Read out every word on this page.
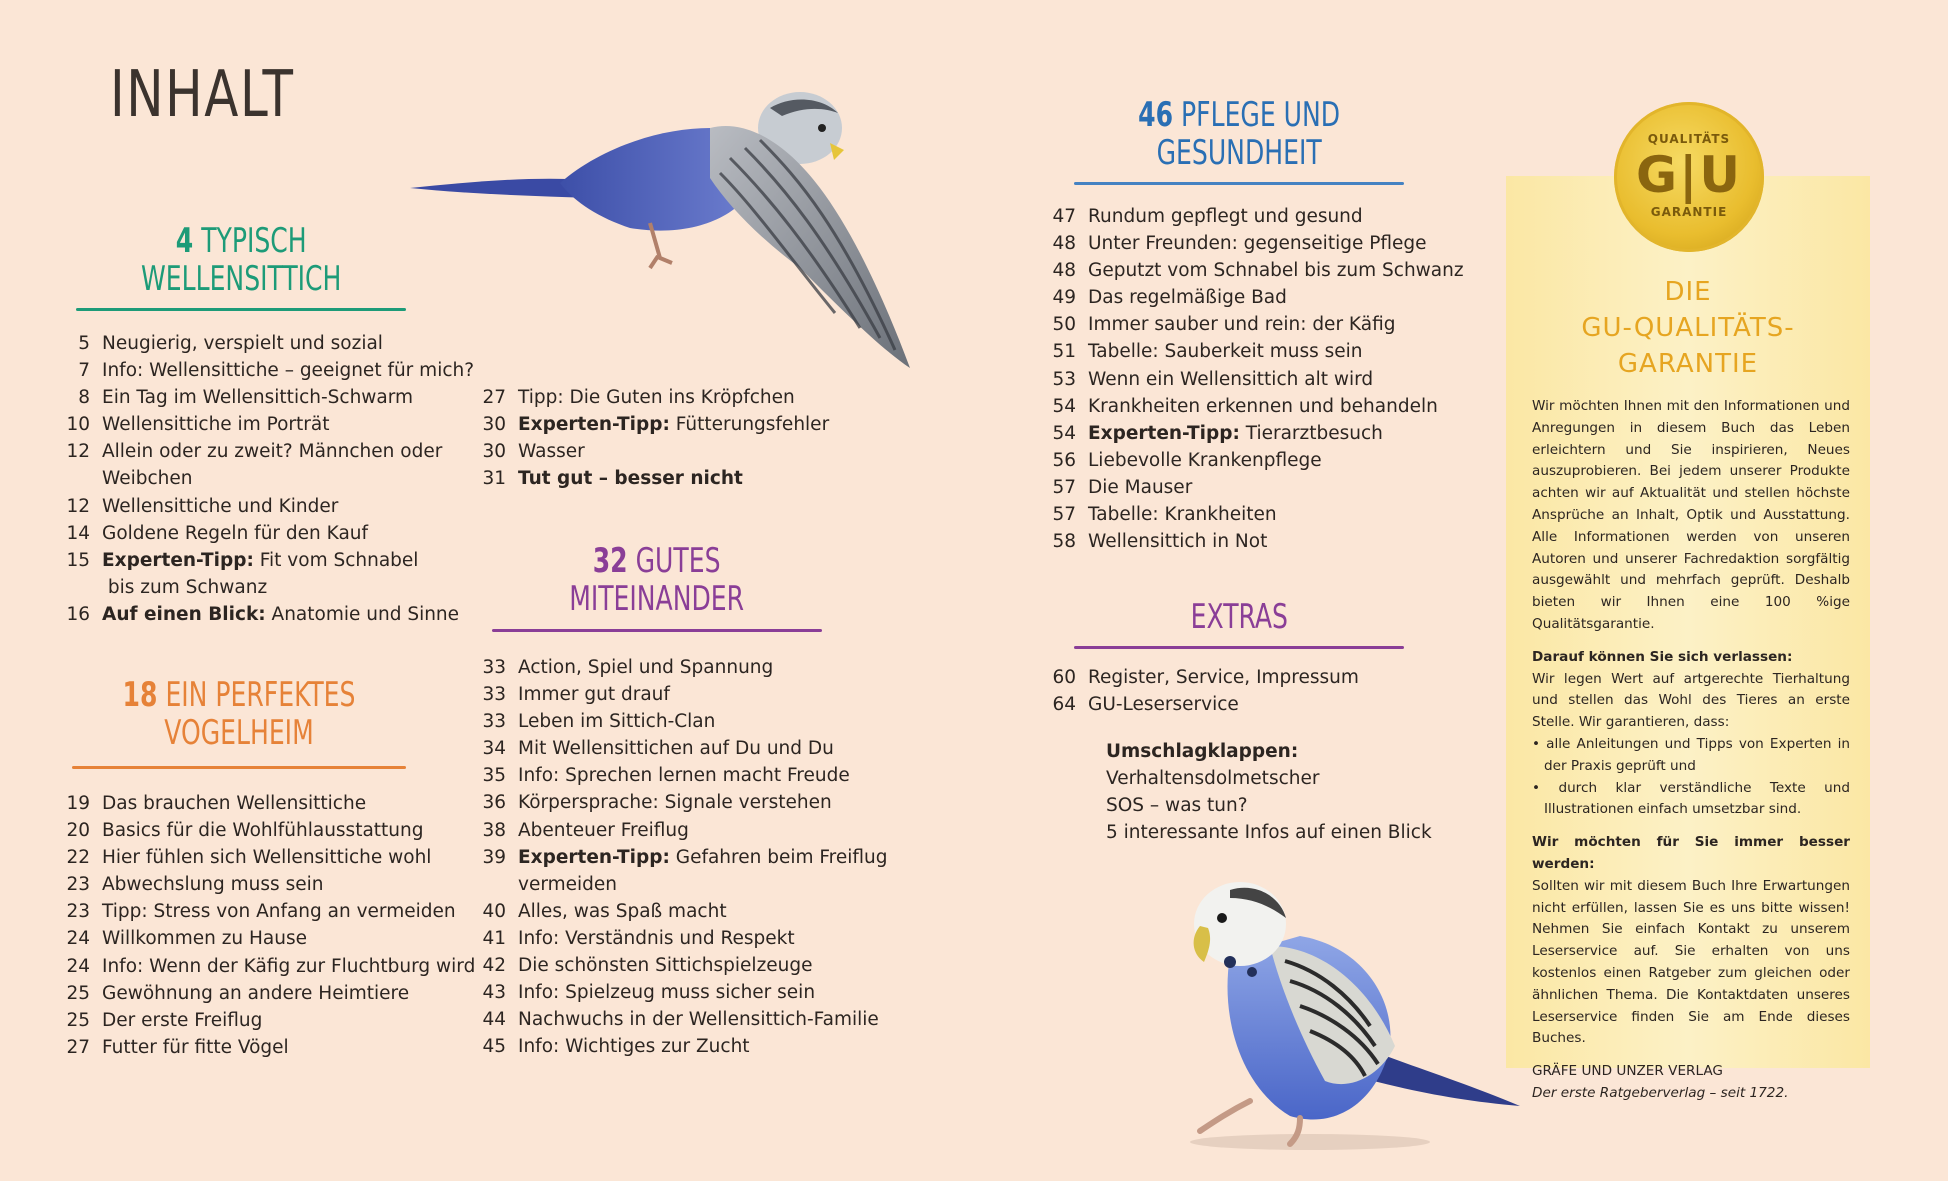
INHALT
4 TYPISCH
WELLENSITTICH
5 Neugierig, verspielt und sozial
7 Info: Wellensittiche – geeignet für mich?
8 Ein Tag im Wellensittich-Schwarm
10 Wellensittiche im Porträt
12 Allein oder zu zweit? Männchen oder
Weibchen
12 Wellensittiche und Kinder
14 Goldene Regeln für den Kauf
15 Experten-Tipp: Fit vom Schnabel
bis zum Schwanz
16 Auf einen Blick: Anatomie und Sinne
18 EIN PERFEKTES
VOGELHEIM
19 Das brauchen Wellensittiche
20 Basics für die Wohlfühlausstattung
22 Hier fühlen sich Wellensittiche wohl
23 Abwechslung muss sein
23 Tipp: Stress von Anfang an vermeiden
24 Willkommen zu Hause
24 Info: Wenn der Käfig zur Fluchtburg wird
25 Gewöhnung an andere Heimtiere
25 Der erste Freiflug
27 Futter für fitte Vögel
27 Tipp: Die Guten ins Kröpfchen
30 Experten-Tipp: Fütterungsfehler
30 Wasser
31 Tut gut – besser nicht
32 GUTES
MITEINANDER
33 Action, Spiel und Spannung
33 Immer gut drauf
33 Leben im Sittich-Clan
34 Mit Wellensittichen auf Du und Du
35 Info: Sprechen lernen macht Freude
36 Körpersprache: Signale verstehen
38 Abenteuer Freiflug
39 Experten-Tipp: Gefahren beim Freiflug
vermeiden
40 Alles, was Spaß macht
41 Info: Verständnis und Respekt
42 Die schönsten Sittichspielzeuge
43 Info: Spielzeug muss sicher sein
44 Nachwuchs in der Wellensittich-Familie
45 Info: Wichtiges zur Zucht
46 PFLEGE UND
GESUNDHEIT
47 Rundum gepflegt und gesund
48 Unter Freunden: gegenseitige Pflege
48 Geputzt vom Schnabel bis zum Schwanz
49 Das regelmäßige Bad
50 Immer sauber und rein: der Käfig
51 Tabelle: Sauberkeit muss sein
53 Wenn ein Wellensittich alt wird
54 Krankheiten erkennen und behandeln
54 Experten-Tipp: Tierarztbesuch
56 Liebevolle Krankenpflege
57 Die Mauser
57 Tabelle: Krankheiten
58 Wellensittich in Not
EXTRAS
60 Register, Service, Impressum
64 GU-Leserservice
Umschlagklappen:
Verhaltensdolmetscher
SOS – was tun?
5 interessante Infos auf einen Blick
QUALITÄTS
G|U
GARANTIE
DIE
GU-QUALITÄTS-
GARANTIE

Wir möchten Ihnen mit den Informationen und Anregungen in diesem Buch das Leben erleichtern und Sie inspirieren, Neues auszuprobieren. Bei jedem unserer Produkte achten wir auf Aktualität und stellen höchste Ansprüche an Inhalt, Optik und Ausstattung. Alle Informationen werden von unseren Autoren und unserer Fachredaktion sorgfältig ausgewählt und mehrfach geprüft. Deshalb bieten wir Ihnen eine 100 %ige Qualitätsgarantie.

Darauf können Sie sich verlassen:
Wir legen Wert auf artgerechte Tierhaltung und stellen das Wohl des Tieres an erste Stelle. Wir garantieren, dass:

• alle Anleitungen und Tipps von Experten in der Praxis geprüft und
• durch klar verständliche Texte und Illustrationen einfach umsetzbar sind.

Wir möchten für Sie immer besser werden:
Sollten wir mit diesem Buch Ihre Erwartungen nicht erfüllen, lassen Sie es uns bitte wissen! Nehmen Sie einfach Kontakt zu unserem Leserservice auf. Sie erhalten von uns kostenlos einen Ratgeber zum gleichen oder ähnlichen Thema. Die Kontaktdaten unseres Leserservice finden Sie am Ende dieses Buches.

GRÄFE UND UNZER VERLAG
Der erste Ratgeberverlag – seit 1722.
